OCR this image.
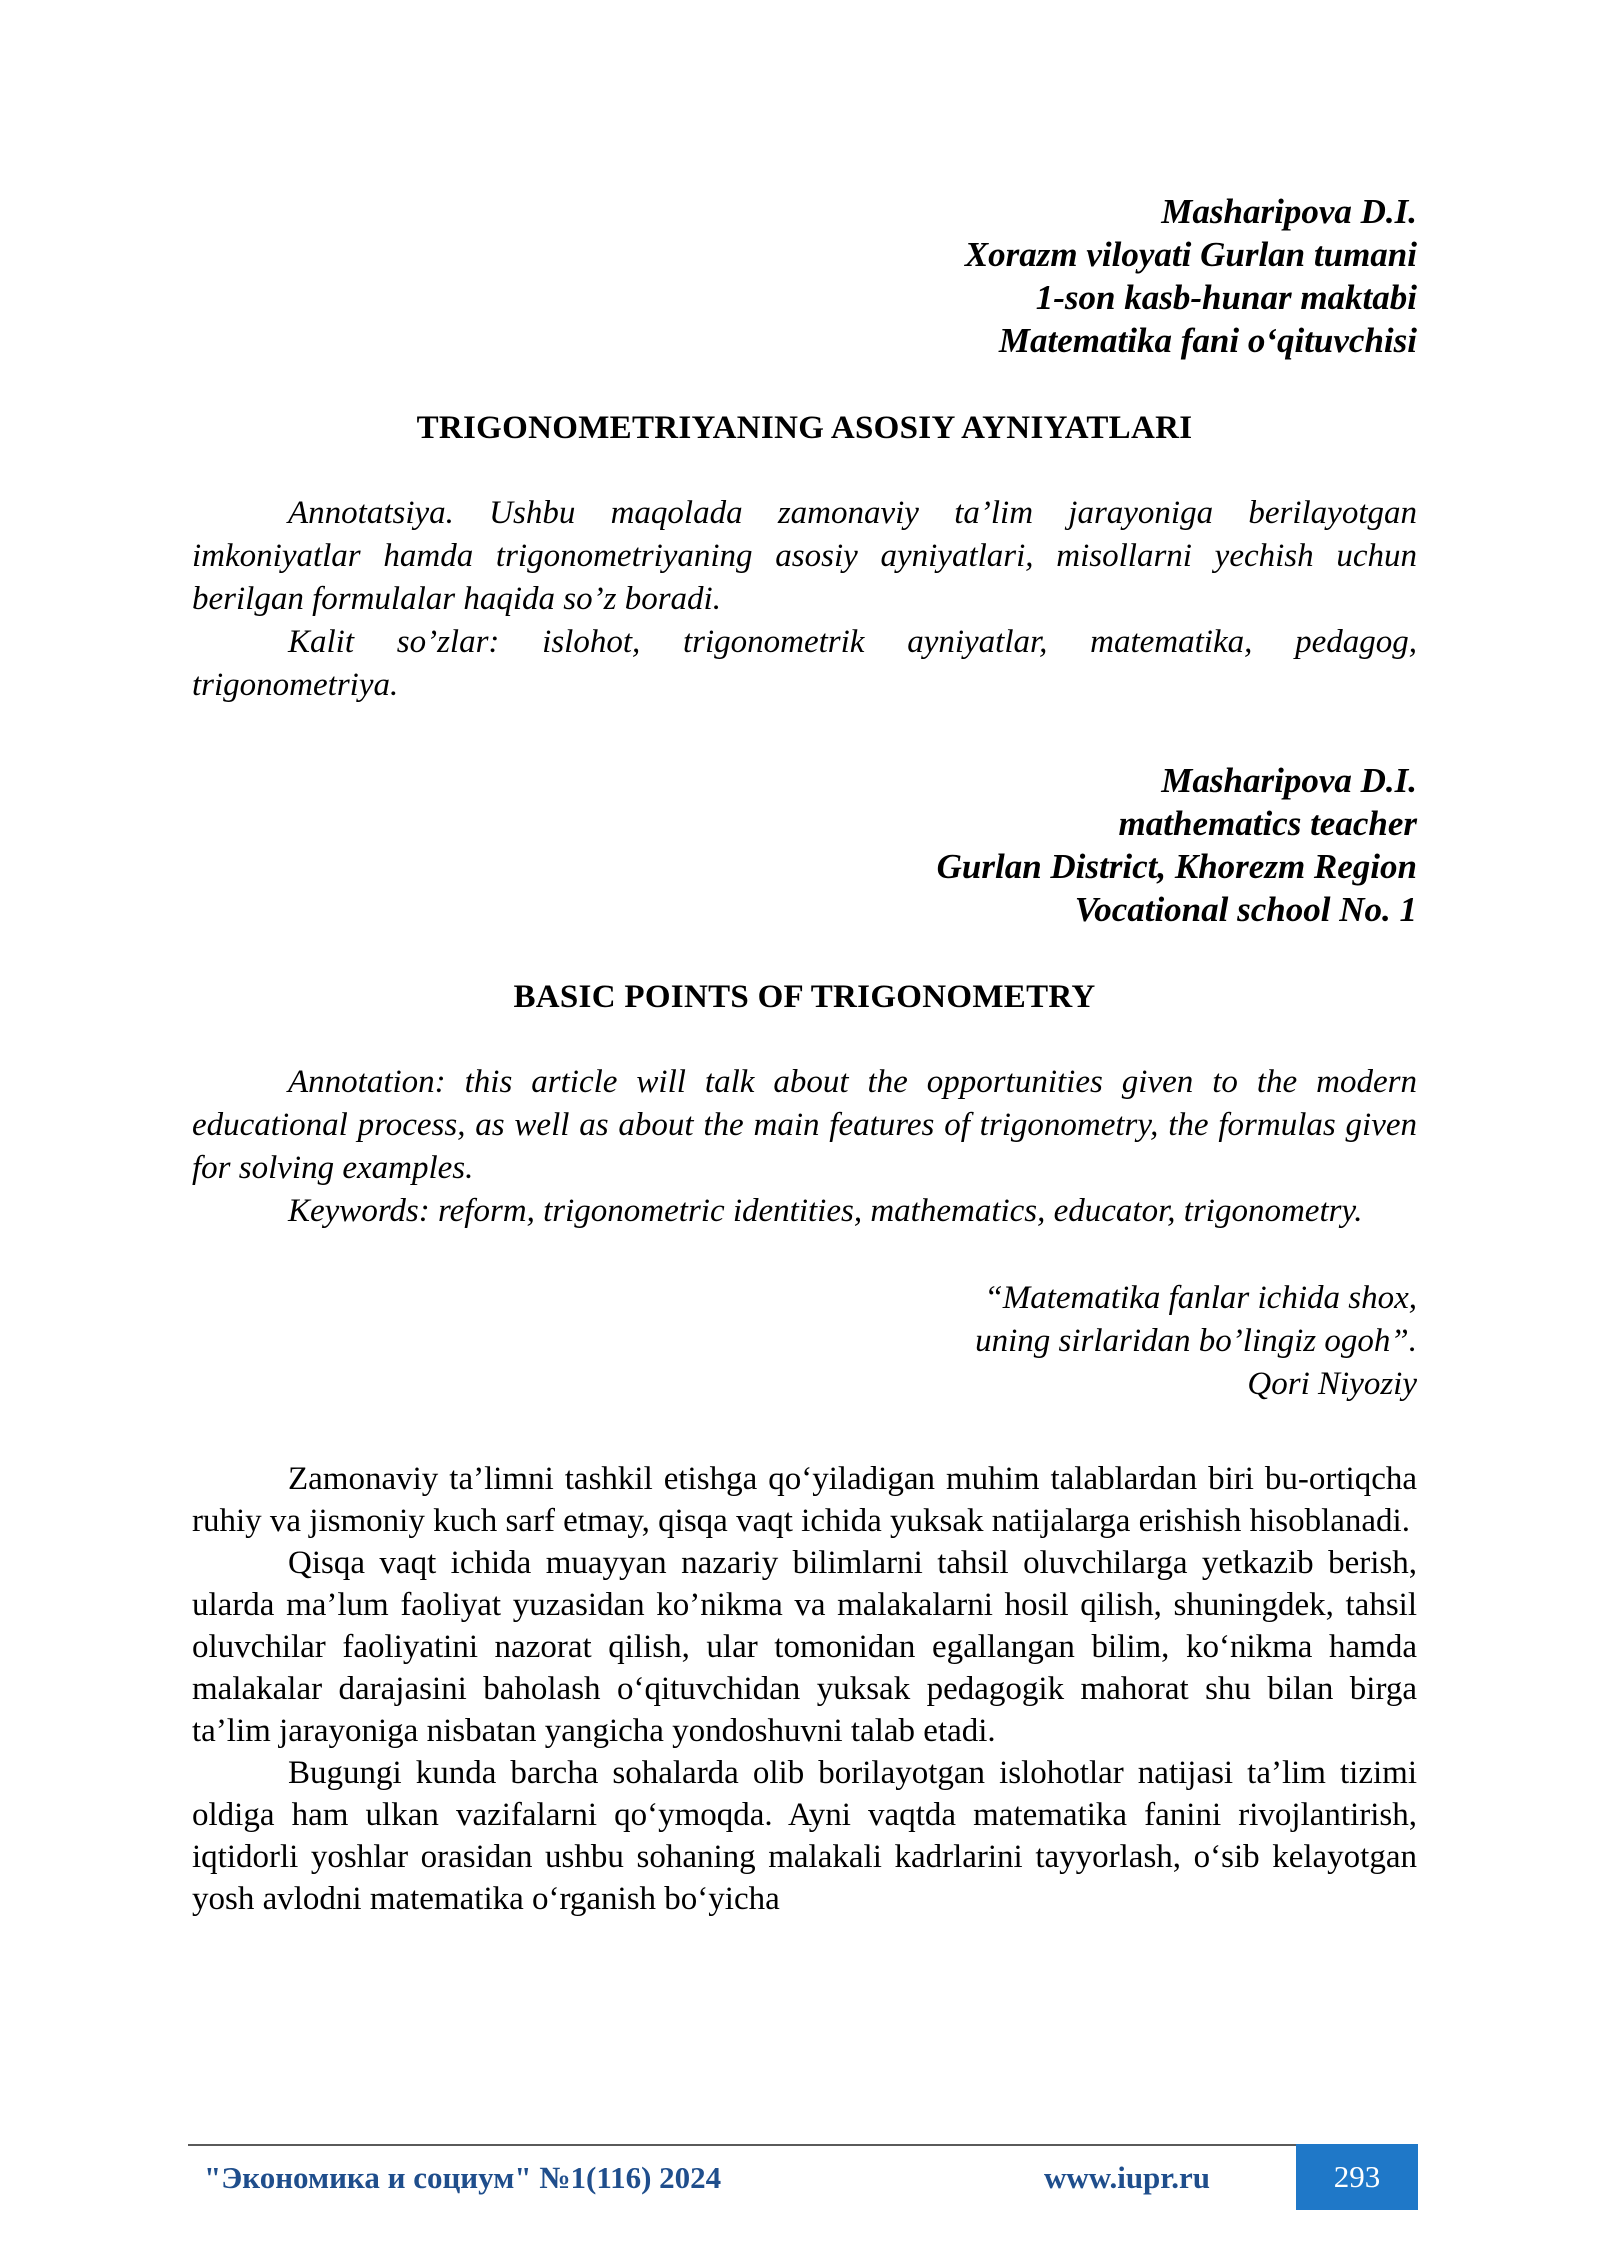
Masharipova D.I.
Xorazm viloyati Gurlan tumani
1-son kasb-hunar maktabi
Matematika fani o‘qituvchisi
TRIGONOMETRIYANING ASOSIY AYNIYATLARI

Annotatsiya. Ushbu maqolada zamonaviy ta’lim jarayoniga berilayotgan imkoniyatlar hamda trigonometriyaning asosiy ayniyatlari, misollarni yechish uchun berilgan formulalar haqida so’z boradi.

Kalit so’zlar: islohot, trigonometrik ayniyatlar, matematika, pedagog, trigonometriya.

Masharipova D.I.
mathematics teacher
Gurlan District, Khorezm Region
Vocational school No. 1
BASIC POINTS OF TRIGONOMETRY

Annotation: this article will talk about the opportunities given to the modern educational process, as well as about the main features of trigonometry, the formulas given for solving examples.

Keywords: reform, trigonometric identities, mathematics, educator, trigonometry.

“Matematika fanlar ichida shox,
uning sirlaridan bo’lingiz ogoh”.
Qori Niyoziy

Zamonaviy ta’limni tashkil etishga qo‘yiladigan muhim talablardan biri bu-ortiqcha ruhiy va jismoniy kuch sarf etmay, qisqa vaqt ichida yuksak natijalarga erishish hisoblanadi.

Qisqa vaqt ichida muayyan nazariy bilimlarni tahsil oluvchilarga yetkazib berish, ularda ma’lum faoliyat yuzasidan ko’nikma va malakalarni hosil qilish, shuningdek, tahsil oluvchilar faoliyatini nazorat qilish, ular tomonidan egallangan bilim, ko‘nikma hamda malakalar darajasini baholash o‘qituvchidan yuksak pedagogik mahorat shu bilan birga ta’lim jarayoniga nisbatan yangicha yondoshuvni talab etadi.

Bugungi kunda barcha sohalarda olib borilayotgan islohotlar natijasi ta’lim tizimi oldiga ham ulkan vazifalarni qo‘ymoqda. Ayni vaqtda matematika fanini rivojlantirish, iqtidorli yoshlar orasidan ushbu sohaning malakali kadrlarini tayyorlash, o‘sib kelayotgan yosh avlodni matematika o‘rganish bo‘yicha

"Экономика и социум" №1(116) 2024	www.iupr.ru	293
